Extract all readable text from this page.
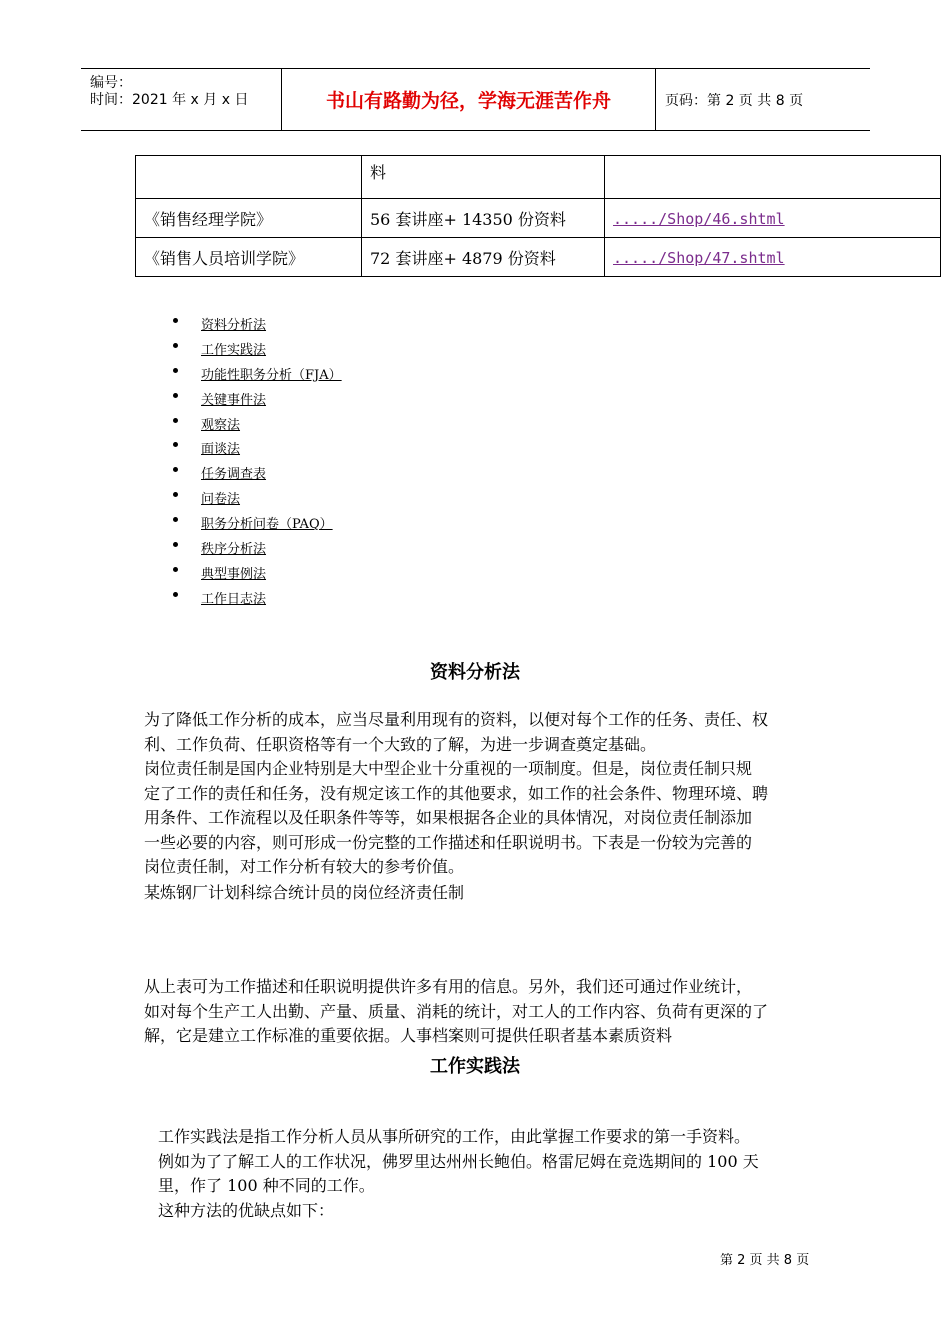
编号：
时间：2021 年 x 月 x 日	书山有路勤为径，学海无涯苦作舟	页码：第 2 页 共 8 页
	料	
《销售经理学院》	56 套讲座+ 14350 份资料	...../Shop/46.shtml
《销售人员培训学院》	72 套讲座+ 4879 份资料	...../Shop/47.shtml
资料分析法
工作实践法
功能性职务分析（FJA）
关键事件法
观察法
面谈法
任务调查表
问卷法
职务分析问卷（PAQ）
秩序分析法
典型事例法
工作日志法
资料分析法

为了降低工作分析的成本，应当尽量利用现有的资料，以便对每个工作的任务、责任、权
利、工作负荷、任职资格等有一个大致的了解，为进一步调查奠定基础。

岗位责任制是国内企业特别是大中型企业十分重视的一项制度。但是，岗位责任制只规
定了工作的责任和任务，没有规定该工作的其他要求，如工作的社会条件、物理环境、聘
用条件、工作流程以及任职条件等等，如果根据各企业的具体情况，对岗位责任制添加
一些必要的内容，则可形成一份完整的工作描述和任职说明书。下表是一份较为完善的
岗位责任制，对工作分析有较大的参考价值。

某炼钢厂计划科综合统计员的岗位经济责任制

从上表可为工作描述和任职说明提供许多有用的信息。另外，我们还可通过作业统计，
如对每个生产工人出勤、产量、质量、消耗的统计，对工人的工作内容、负荷有更深的了
解，它是建立工作标准的重要依据。人事档案则可提供任职者基本素质资料

工作实践法

工作实践法是指工作分析人员从事所研究的工作，由此掌握工作要求的第一手资料。
例如为了了解工人的工作状况，佛罗里达州州长鲍伯。格雷尼姆在竞选期间的 100 天
里，作了 100 种不同的工作。
这种方法的优缺点如下：

第 2 页 共 8 页
